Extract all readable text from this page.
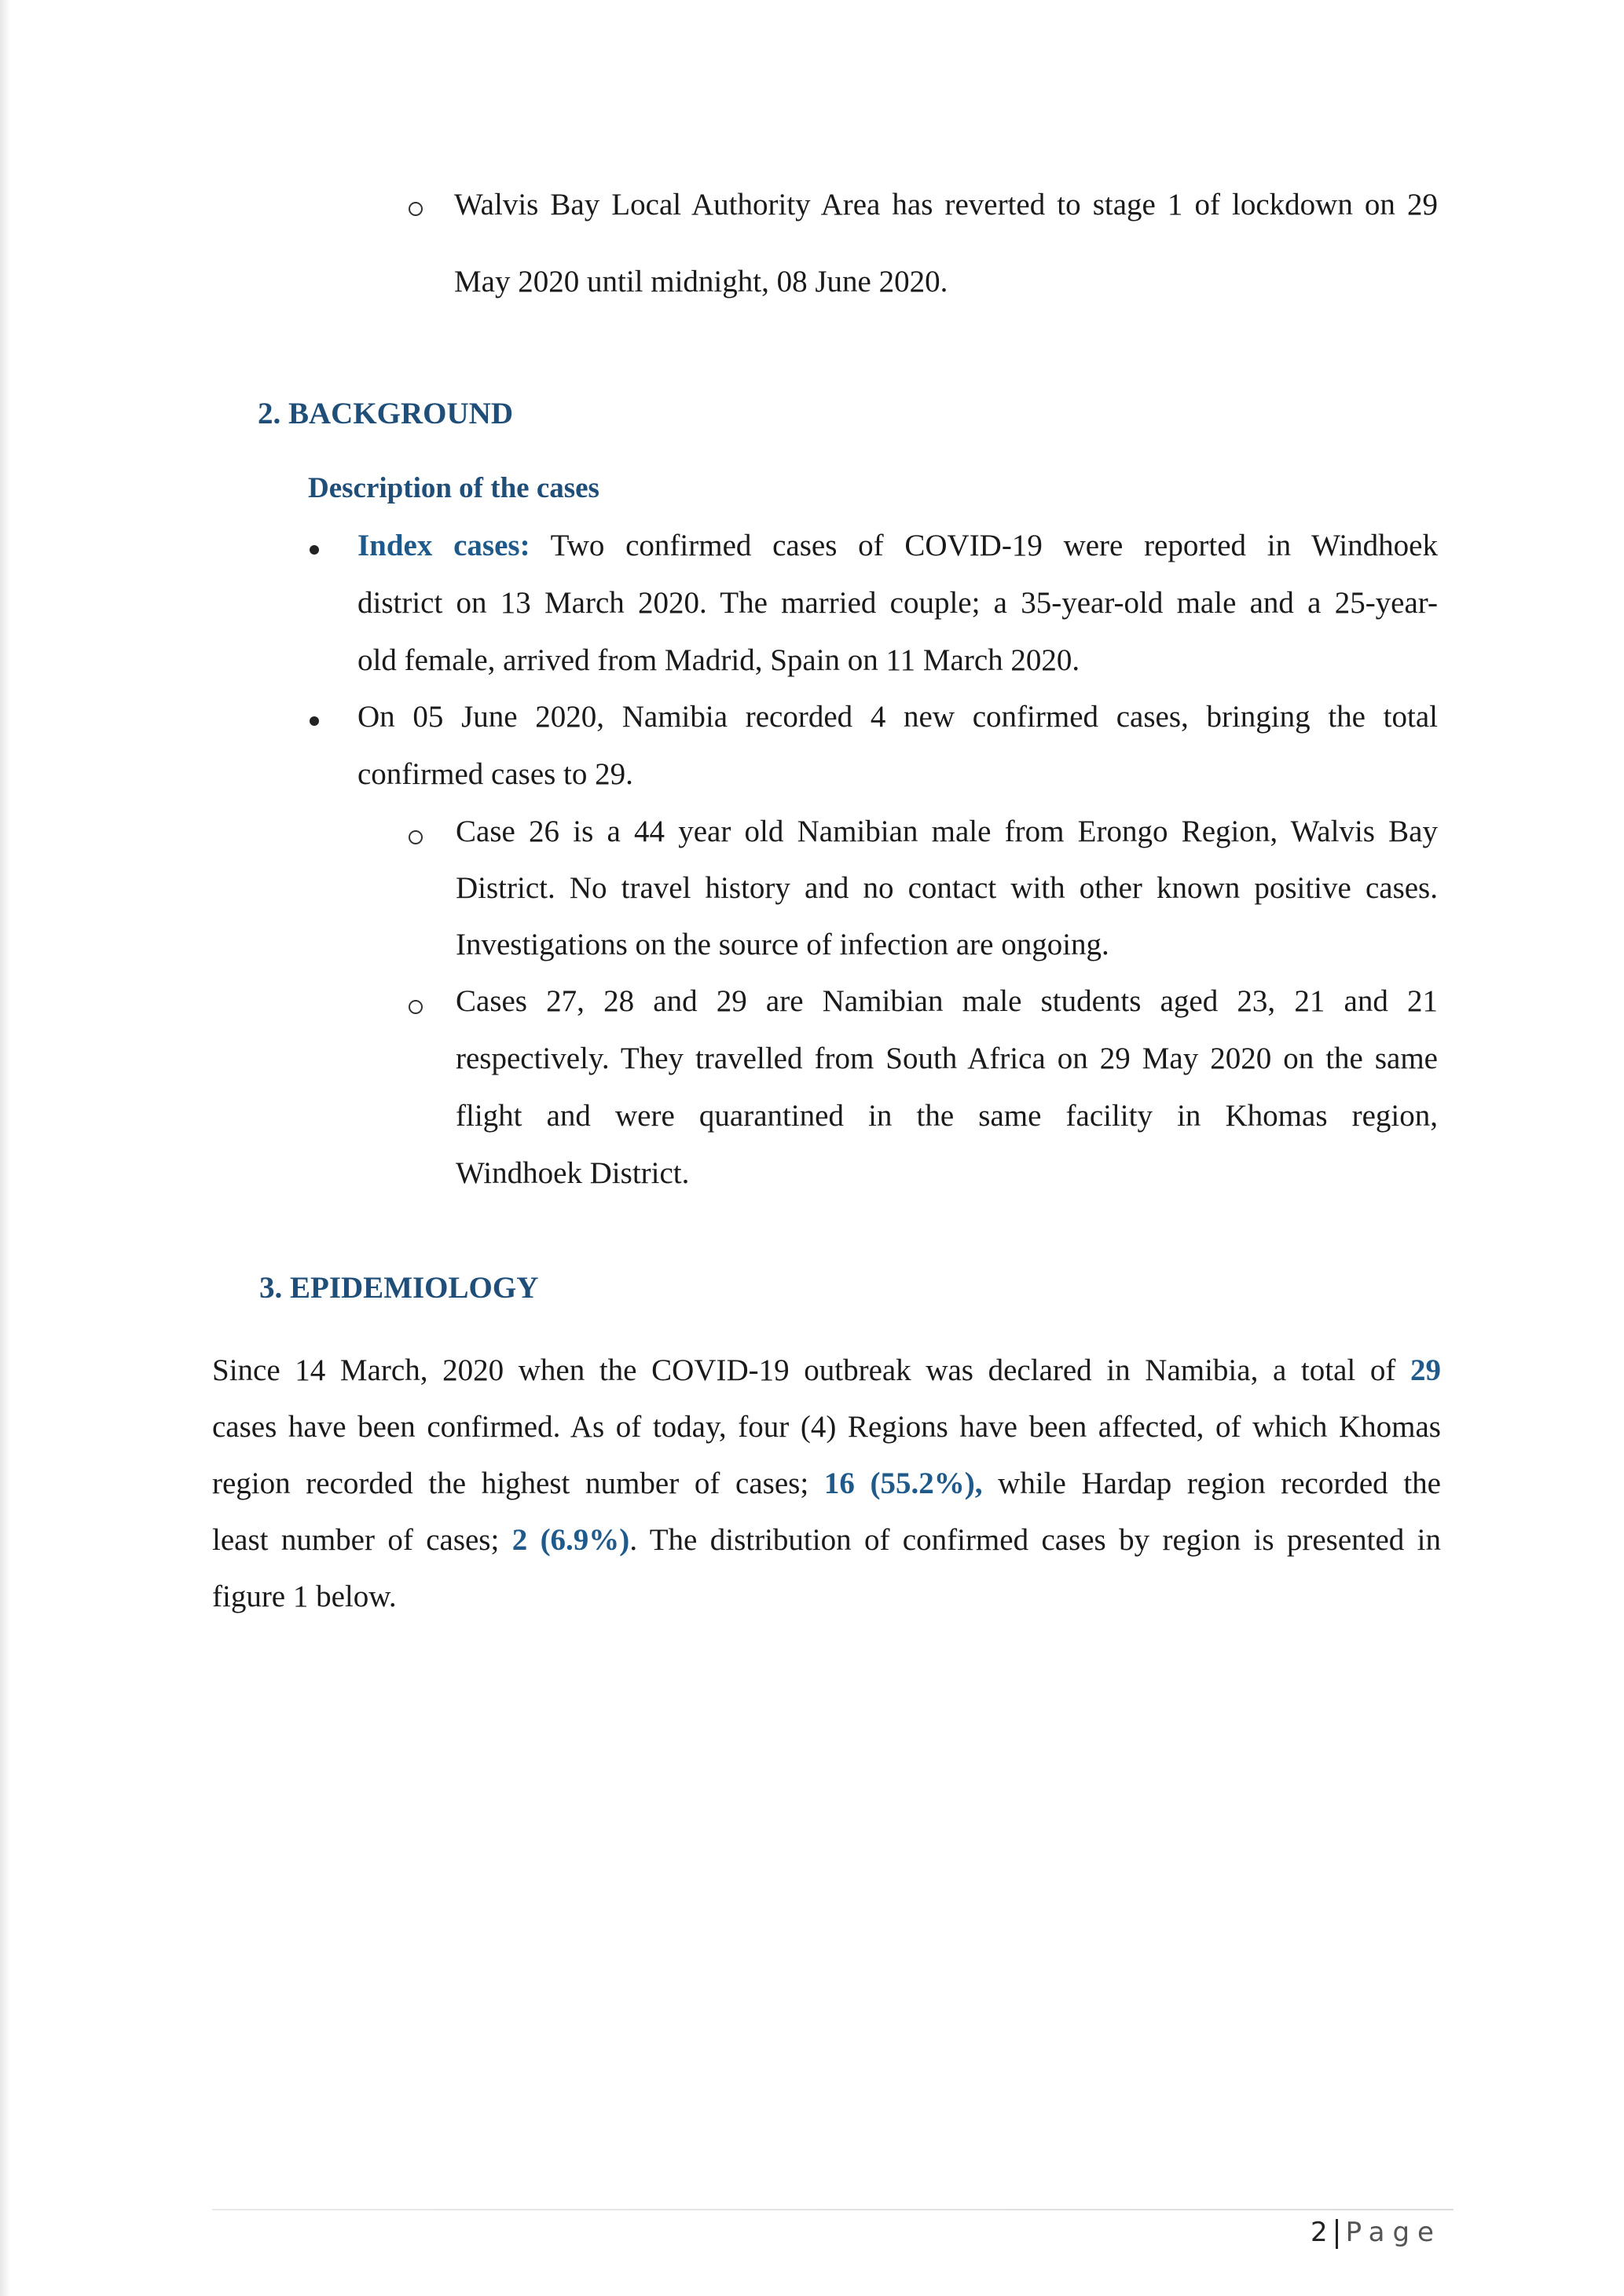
Walvis Bay Local Authority Area has reverted to stage 1 of lockdown on 29
May 2020 until midnight, 08 June 2020.
2. BACKGROUND
Description of the cases
Index cases: Two confirmed cases of COVID-19 were reported in Windhoek
district on 13 March 2020. The married couple; a 35-year-old male and a 25-year-
old female, arrived from Madrid, Spain on 11 March 2020.
On 05 June 2020, Namibia recorded 4 new confirmed cases, bringing the total
confirmed cases to 29.
Case 26 is a 44 year old Namibian male from Erongo Region, Walvis Bay
District. No travel history and no contact with other known positive cases.
Investigations on the source of infection are ongoing.
Cases 27, 28 and 29 are Namibian male students aged 23, 21 and 21
respectively. They travelled from South Africa on 29 May 2020 on the same
flight and were quarantined in the same facility in Khomas region,
Windhoek District.
3. EPIDEMIOLOGY
Since 14 March, 2020 when the COVID-19 outbreak was declared in Namibia, a total of 29
cases have been confirmed. As of today, four (4) Regions have been affected, of which Khomas
region recorded the highest number of cases; 16 (55.2%), while Hardap region recorded the
least number of cases; 2 (6.9%). The distribution of confirmed cases by region is presented in
figure 1 below.
2 Page
